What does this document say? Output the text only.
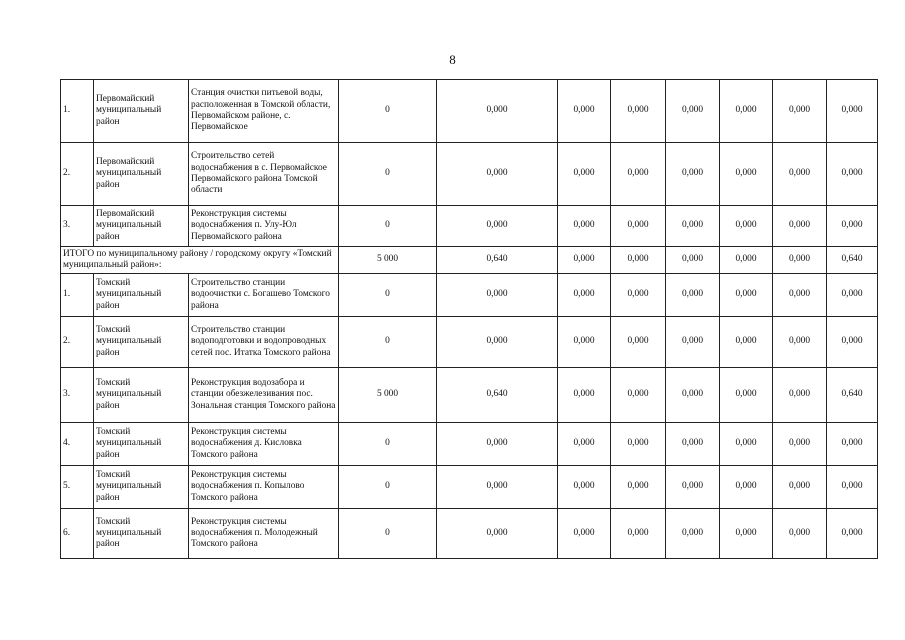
8
1.	Первомайский муниципальный район	Станция очистки питьевой воды, расположенная в Томской области, Первомайском районе, с. Первомайское	0	0,000	0,000	0,000	0,000	0,000	0,000	0,000
2.	Первомайский муниципальный район	Строительство сетей водоснабжения в с. Первомайское Первомайского района Томской области	0	0,000	0,000	0,000	0,000	0,000	0,000	0,000
3.	Первомайский муниципальный район	Реконструкция системы водоснабжения п. Улу-Юл Первомайского района	0	0,000	0,000	0,000	0,000	0,000	0,000	0,000
ИТОГО по муниципальному району / городскому округу «Томский муниципальный район»:			5 000	0,640	0,000	0,000	0,000	0,000	0,000	0,640
1.	Томский муниципальный район	Строительство станции водоочистки с. Богашево Томского района	0	0,000	0,000	0,000	0,000	0,000	0,000	0,000
2.	Томский муниципальный район	Строительство станции водоподготовки и водопроводных сетей пос. Итатка Томского района	0	0,000	0,000	0,000	0,000	0,000	0,000	0,000
3.	Томский муниципальный район	Реконструкция водозабора и станции обезжелезивания пос. Зональная станция Томского района	5 000	0,640	0,000	0,000	0,000	0,000	0,000	0,640
4.	Томский муниципальный район	Реконструкция системы водоснабжения д. Кисловка Томского района	0	0,000	0,000	0,000	0,000	0,000	0,000	0,000
5.	Томский муниципальный район	Реконструкция системы водоснабжения п. Копылово Томского района	0	0,000	0,000	0,000	0,000	0,000	0,000	0,000
6.	Томский муниципальный район	Реконструкция системы водоснабжения п. Молодежный Томского района	0	0,000	0,000	0,000	0,000	0,000	0,000	0,000
